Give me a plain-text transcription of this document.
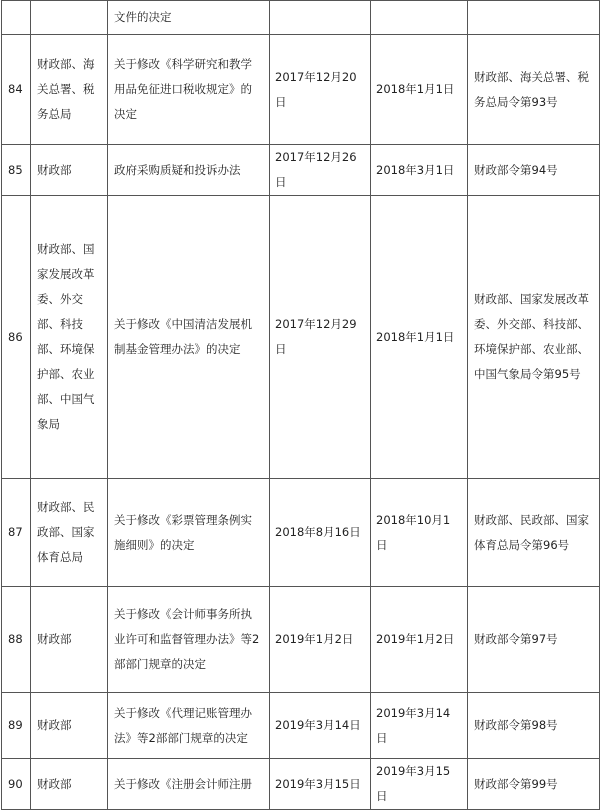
		文件的决定			
84	财政部、海关总署、税务总局	关于修改《科学研究和教学用品免征进口税收规定》的决定	2017年12月20日	2018年1月1日	财政部、海关总署、税务总局令第93号
85	财政部	政府采购质疑和投诉办法	2017年12月26日	2018年3月1日	财政部令第94号
86	财政部、国家发展改革委、外交部、科技部、环境保护部、农业部、中国气象局	关于修改《中国清洁发展机制基金管理办法》的决定	2017年12月29日	2018年1月1日	财政部、国家发展改革委、外交部、科技部、环境保护部、农业部、中国气象局令第95号
87	财政部、民政部、国家体育总局	关于修改《彩票管理条例实施细则》的决定	2018年8月16日	2018年10月1日	财政部、民政部、国家体育总局令第96号
88	财政部	关于修改《会计师事务所执业许可和监督管理办法》等2部部门规章的决定	2019年1月2日	2019年1月2日	财政部令第97号
89	财政部	关于修改《代理记账管理办法》等2部部门规章的决定	2019年3月14日	2019年3月14日	财政部令第98号
90	财政部	关于修改《注册会计师注册	2019年3月15日	2019年3月15日	财政部令第99号
